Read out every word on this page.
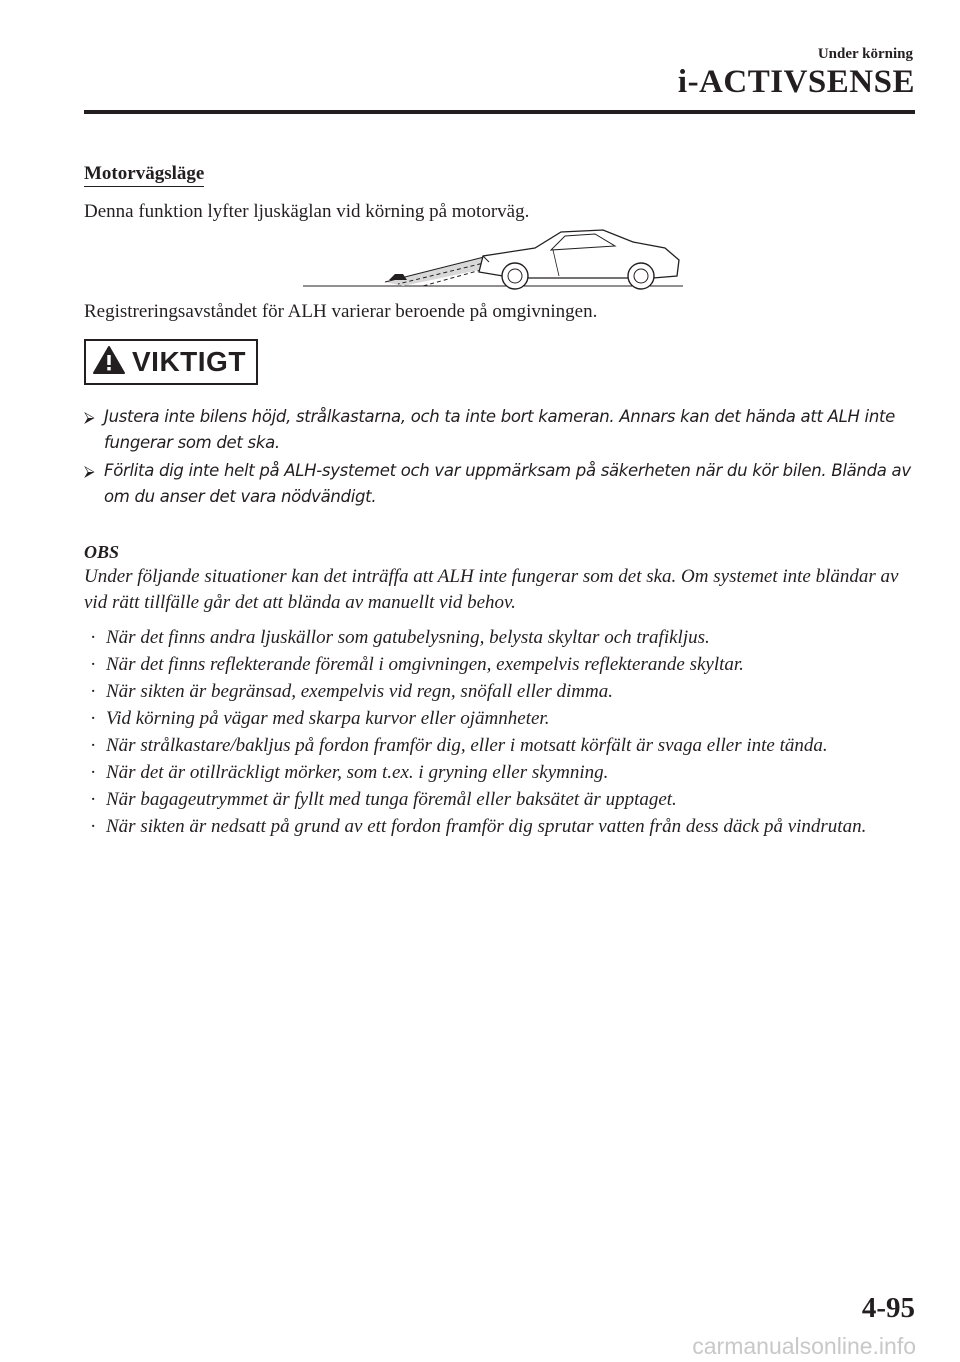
Under körning
i-ACTIVSENSE
Motorvägsläge
Denna funktion lyfter ljuskäglan vid körning på motorväg.
Registreringsavståndet för ALH varierar beroende på omgivningen.
VIKTIGT
⮚ Justera inte bilens höjd, strålkastarna, och ta inte bort kameran. Annars kan det hända att ALH inte fungerar som det ska.
⮚ Förlita dig inte helt på ALH-systemet och var uppmärksam på säkerheten när du kör bilen. Blända av om du anser det vara nödvändigt.
OBS
Under följande situationer kan det inträffa att ALH inte fungerar som det ska. Om systemet inte bländar av vid rätt tillfälle går det att blända av manuellt vid behov.
· När det finns andra ljuskällor som gatubelysning, belysta skyltar och trafikljus.
· När det finns reflekterande föremål i omgivningen, exempelvis reflekterande skyltar.
· När sikten är begränsad, exempelvis vid regn, snöfall eller dimma.
· Vid körning på vägar med skarpa kurvor eller ojämnheter.
· När strålkastare/bakljus på fordon framför dig, eller i motsatt körfält är svaga eller inte tända.
· När det är otillräckligt mörker, som t.ex. i gryning eller skymning.
· När bagageutrymmet är fyllt med tunga föremål eller baksätet är upptaget.
· När sikten är nedsatt på grund av ett fordon framför dig sprutar vatten från dess däck på vindrutan.
4-95
carmanualsonline.info
